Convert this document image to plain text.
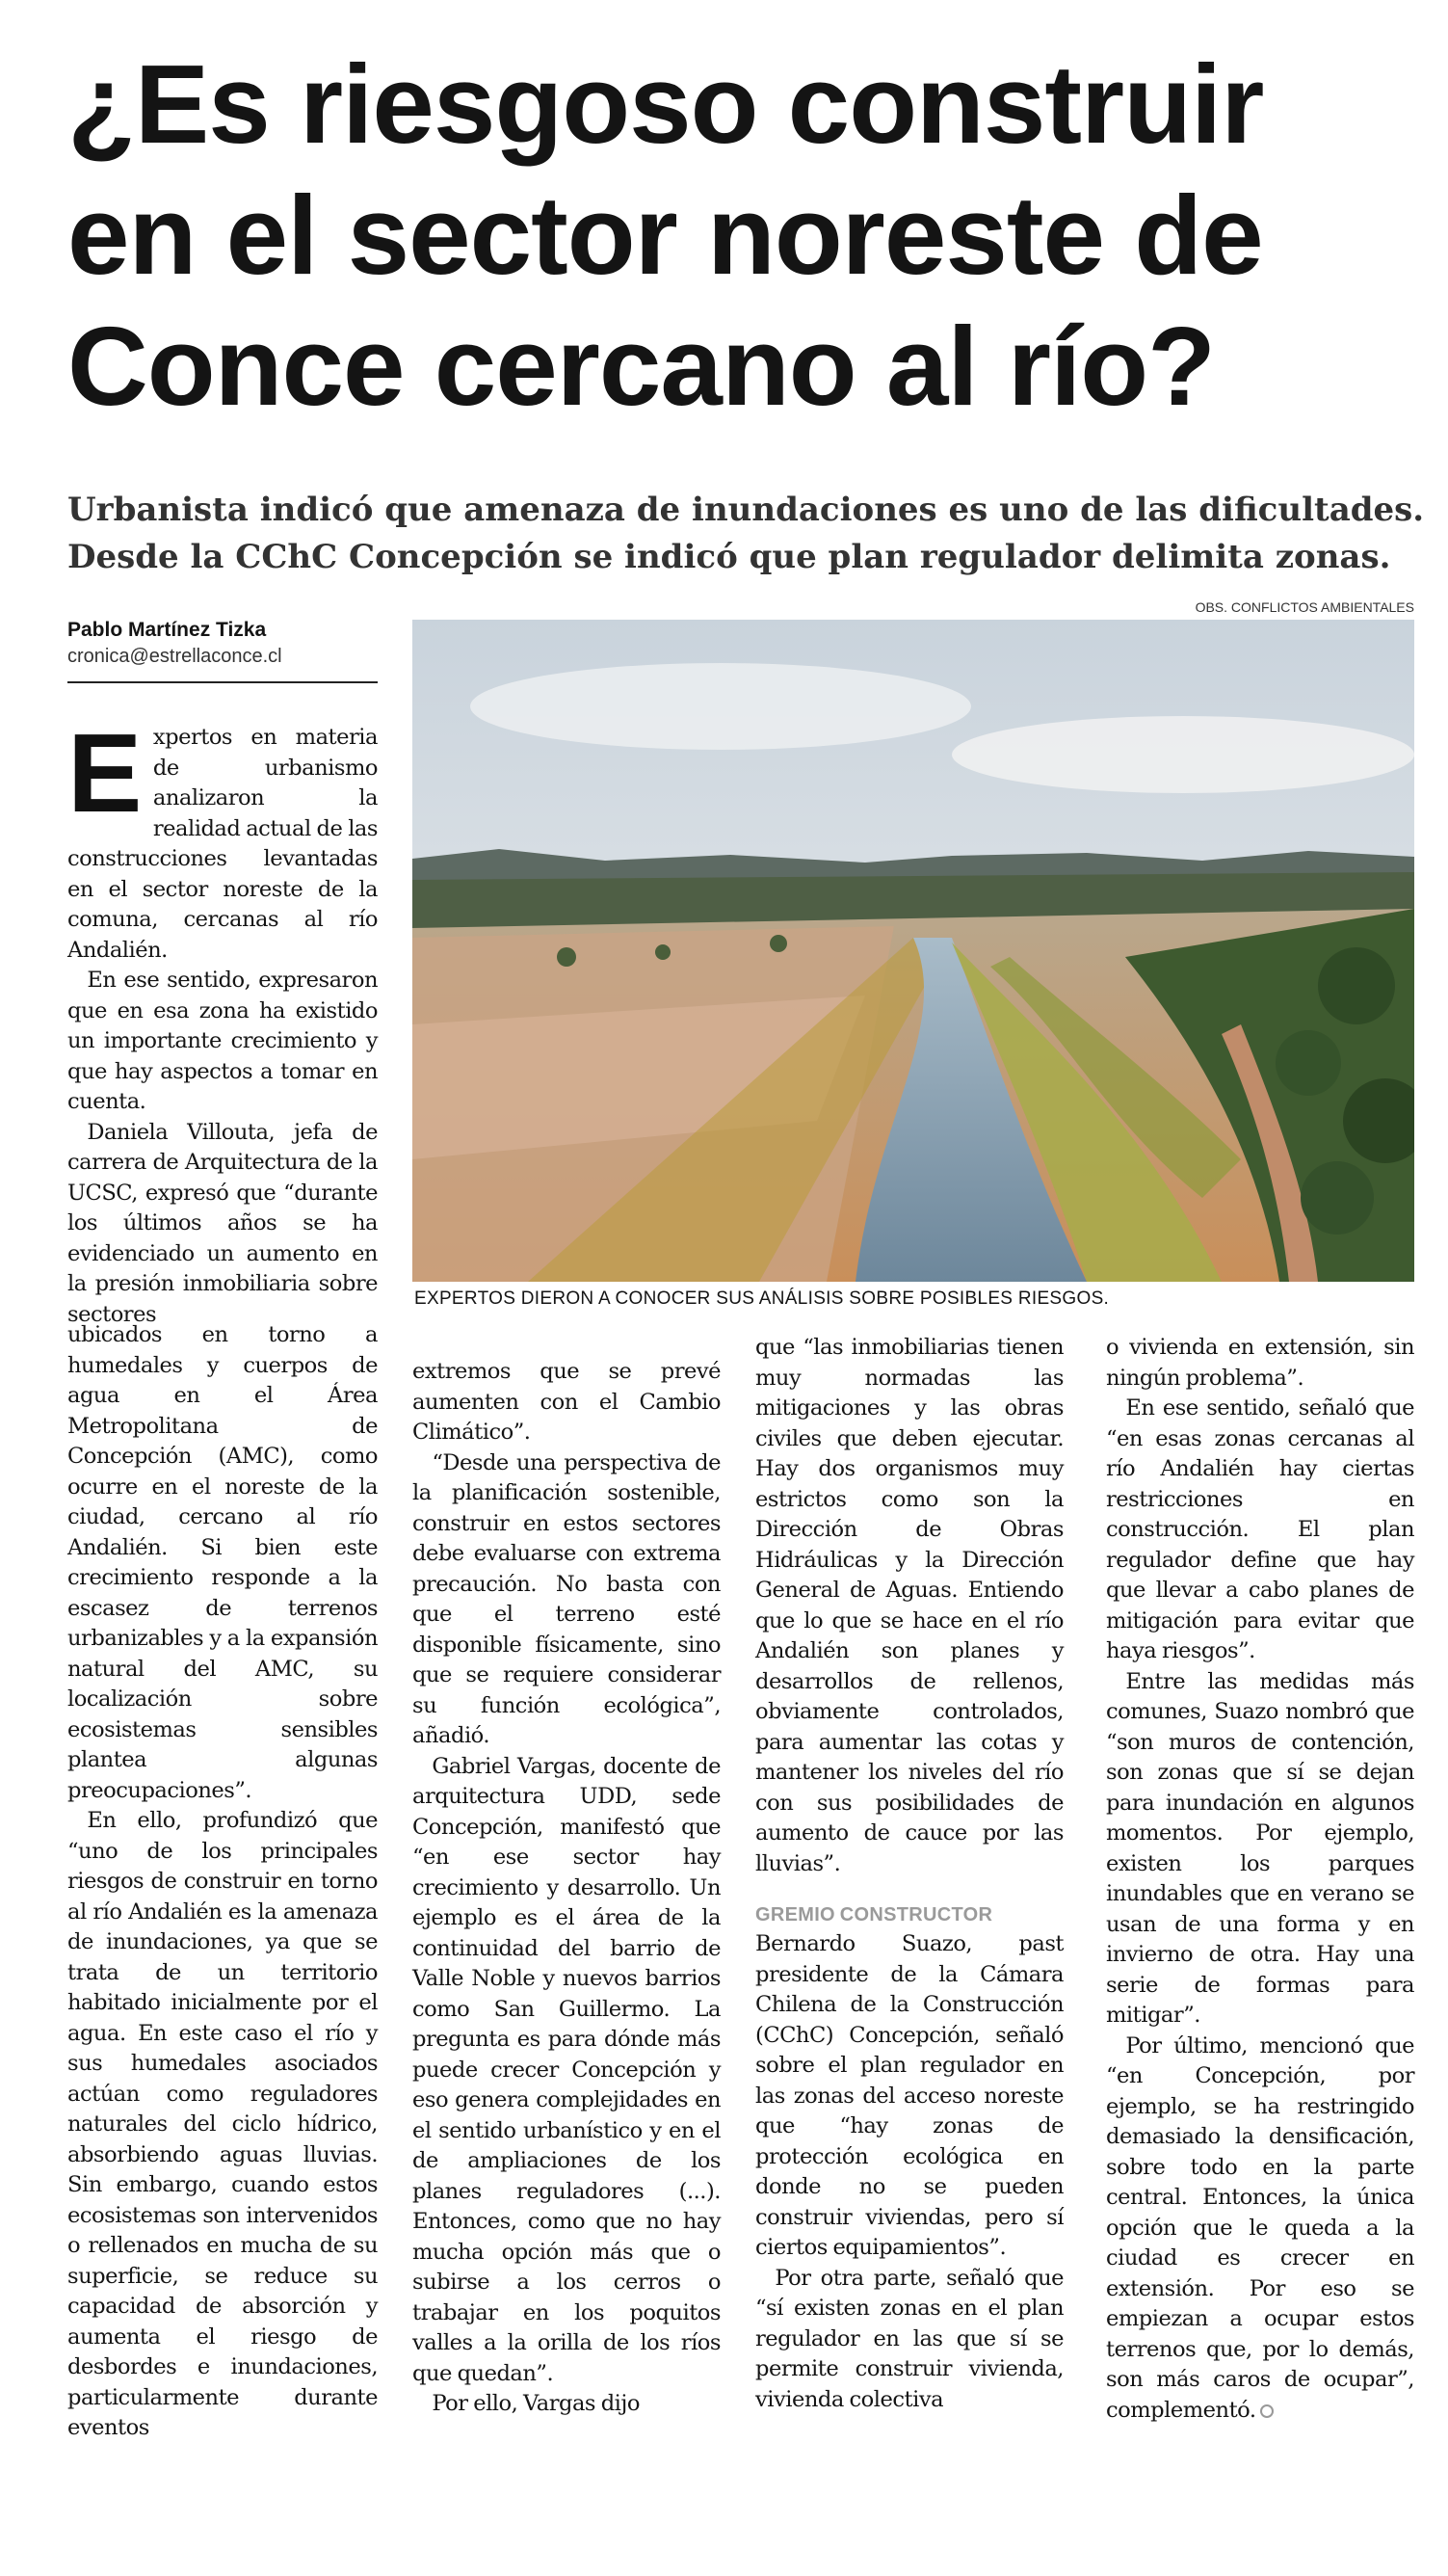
¿Es riesgoso construir
en el sector noreste de
Conce cercano al río?
Urbanista indicó que amenaza de inundaciones es uno de las dificultades.
Desde la CChC Concepción se indicó que plan regulador delimita zonas.
Pablo Martínez Tizka
cronica@estrellaconce.cl
OBS. CONFLICTOS AMBIENTALES
EXPERTOS DIERON A CONOCER SUS ANÁLISIS SOBRE POSIBLES RIESGOS.

Expertos en materia de urbanismo analizaron la realidad actual de las construcciones levantadas en el sector noreste de la comuna, cercanas al río Andalién.

En ese sentido, expresaron que en esa zona ha existido un importante crecimiento y que hay aspectos a tomar en cuenta.

Daniela Villouta, jefa de carrera de Arquitectura de la UCSC, expresó que “durante los últimos años se ha evidenciado un aumento en la presión inmobiliaria sobre sectores

ubicados en torno a humedales y cuerpos de agua en el Área Metropolitana de Concepción (AMC), como ocurre en el noreste de la ciudad, cercano al río Andalién. Si bien este crecimiento responde a la escasez de terrenos urbanizables y a la expansión natural del AMC, su localización sobre ecosistemas sensibles plantea algunas preocupaciones”.

En ello, profundizó que “uno de los principales riesgos de construir en torno al río Andalién es la amenaza de inundaciones, ya que se trata de un territorio habitado inicialmente por el agua. En este caso el río y sus humedales asociados actúan como reguladores naturales del ciclo hídrico, absorbiendo aguas lluvias. Sin embargo, cuando estos ecosistemas son intervenidos o rellenados en mucha de su superficie, se reduce su capacidad de absorción y aumenta el riesgo de desbordes e inundaciones, particularmente durante eventos

extremos que se prevé aumenten con el Cambio Climático”.

“Desde una perspectiva de la planificación sostenible, construir en estos sectores debe evaluarse con extrema precaución. No basta con que el terreno esté disponible físicamente, sino que se requiere considerar su función ecológica”, añadió.

Gabriel Vargas, docente de arquitectura UDD, sede Concepción, manifestó que “en ese sector hay crecimiento y desarrollo. Un ejemplo es el área de la continuidad del barrio de Valle Noble y nuevos barrios como San Guillermo. La pregunta es para dónde más puede crecer Concepción y eso genera complejidades en el sentido urbanístico y en el de ampliaciones de los planes reguladores (...). Entonces, como que no hay mucha opción más que o subirse a los cerros o trabajar en los poquitos valles a la orilla de los ríos que quedan”.

Por ello, Vargas dijo

que “las inmobiliarias tienen muy normadas las mitigaciones y las obras civiles que deben ejecutar. Hay dos organismos muy estrictos como son la Dirección de Obras Hidráulicas y la Dirección General de Aguas. Entiendo que lo que se hace en el río Andalién son planes y desarrollos de rellenos, obviamente controlados, para aumentar las cotas y mantener los niveles del río con sus posibilidades de aumento de cauce por las lluvias”.

GREMIO CONSTRUCTOR

Bernardo Suazo, past presidente de la Cámara Chilena de la Construcción (CChC) Concepción, señaló sobre el plan regulador en las zonas del acceso noreste que “hay zonas de protección ecológica en donde no se pueden construir viviendas, pero sí ciertos equipamientos”.

Por otra parte, señaló que “sí existen zonas en el plan regulador en las que sí se permite construir vivienda, vivienda colectiva

o vivienda en extensión, sin ningún problema”.

En ese sentido, señaló que “en esas zonas cercanas al río Andalién hay ciertas restricciones en construcción. El plan regulador define que hay que llevar a cabo planes de mitigación para evitar que haya riesgos”.

Entre las medidas más comunes, Suazo nombró que “son muros de contención, son zonas que sí se dejan para inundación en algunos momentos. Por ejemplo, existen los parques inundables que en verano se usan de una forma y en invierno de otra. Hay una serie de formas para mitigar”.

Por último, mencionó que “en Concepción, por ejemplo, se ha restringido demasiado la densificación, sobre todo en la parte central. Entonces, la única opción que le queda a la ciudad es crecer en extensión. Por eso se empiezan a ocupar estos terrenos que, por lo demás, son más caros de ocupar”, complementó.
